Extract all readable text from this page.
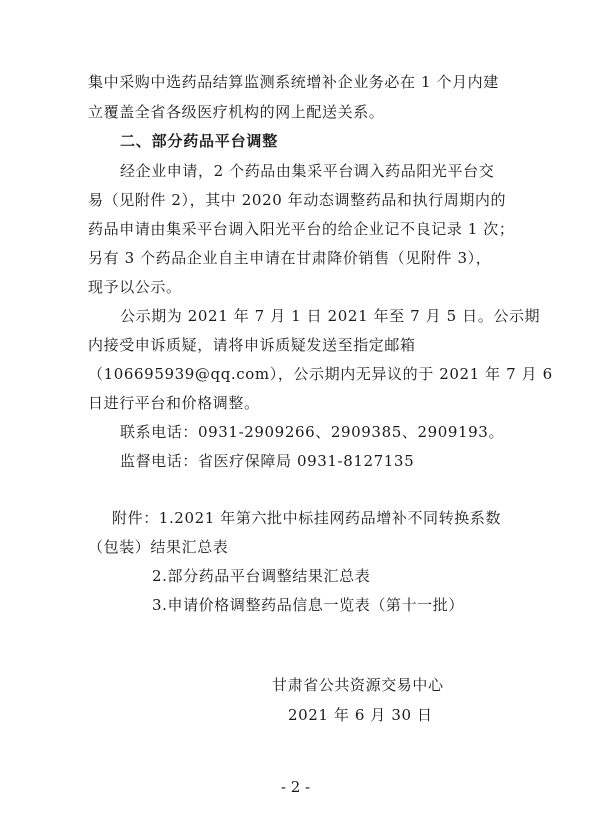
集中采购中选药品结算监测系统增补企业务必在 1 个月内建
立覆盖全省各级医疗机构的网上配送关系。
二、部分药品平台调整
经企业申请，2 个药品由集采平台调入药品阳光平台交
易（见附件 2），其中 2020 年动态调整药品和执行周期内的
药品申请由集采平台调入阳光平台的给企业记不良记录 1 次；
另有 3 个药品企业自主申请在甘肃降价销售（见附件 3），
现予以公示。
公示期为 2021 年 7 月 1 日 2021 年至 7 月 5 日。公示期
内接受申诉质疑，请将申诉质疑发送至指定邮箱
（106695939@qq.com），公示期内无异议的于 2021 年 7 月 6
日进行平台和价格调整。
联系电话：0931-2909266、2909385、2909193。
监督电话：省医疗保障局 0931-8127135
附件：1.2021 年第六批中标挂网药品增补不同转换系数
（包装）结果汇总表
2.部分药品平台调整结果汇总表
3.申请价格调整药品信息一览表（第十一批）
甘肃省公共资源交易中心
2021 年 6 月 30 日
- 2 -
